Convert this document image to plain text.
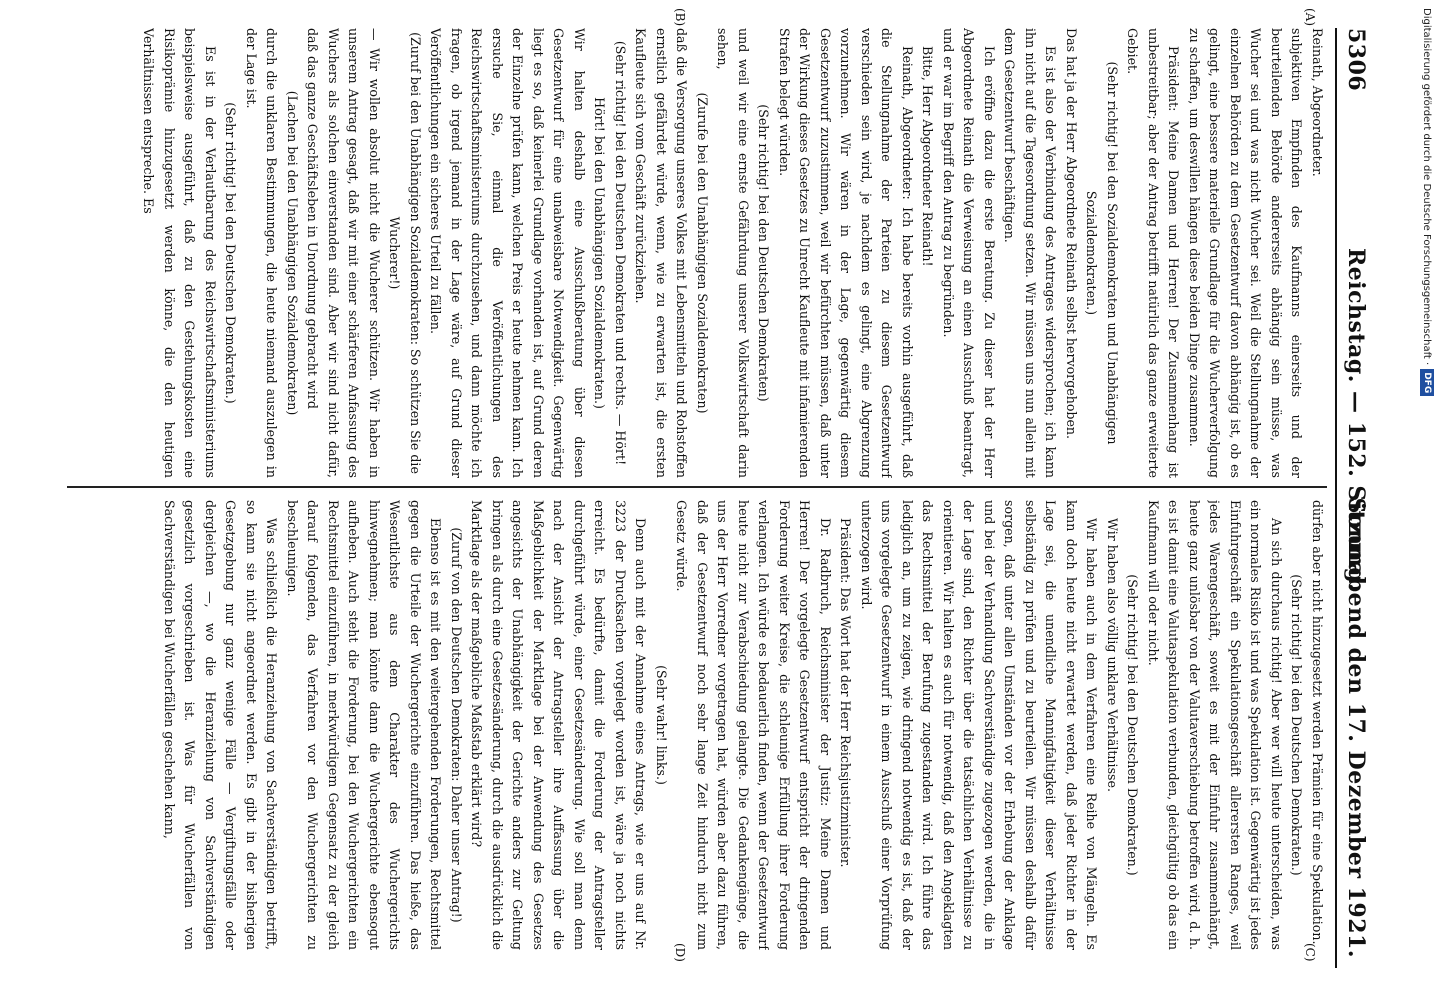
5306
Reichstag. — 152. Sitzung.
Sonnabend den 17. Dezember 1921.

Reinath, Abgeordneter.

subjektiven Empfinden des Kaufmanns einerseits und der beurteilenden Behörde andererseits abhängig sein müsse, was Wucher sei und was nicht Wucher sei. Weil die Stellungnahme der einzelnen Behörden zu dem Gesetzentwurf davon abhängig ist, ob es gelingt, eine bessere materielle Grundlage für die Wucherverfolgung zu schaffen, um deswillen hängen diese beiden Dinge zusammen.

Präsident: Meine Damen und Herren! Der Zusammenhang ist unbestreitbar; aber der Antrag betrifft natürlich das ganze erweiterte Gebiet.

(Sehr richtig! bei den Sozialdemokraten und Unabhängigen Sozialdemokraten.)

Das hat ja der Herr Abgeordnete Reinath selbst hervorgehoben.

Es ist also der Verbindung des Antrages widersprochen; ich kann ihn nicht auf die Tagesordnung setzen. Wir müssen uns nun allein mit dem Gesetzentwurf beschäftigen.

Ich eröffne dazu die erste Beratung. Zu dieser hat der Herr Abgeordnete Reinath die Verweisung an einen Ausschuß beantragt, und er war im Begriff den Antrag zu begründen.

Bitte, Herr Abgeordneter Reinath!

Reinath, Abgeordneter: Ich habe bereits vorhin ausgeführt, daß die Stellungnahme der Parteien zu diesem Gesetzentwurf verschieden sein wird, je nachdem es gelingt, eine Abgrenzung vorzunehmen. Wir wären in der Lage, gegenwärtig diesem Gesetzentwurf zuzustimmen, weil wir befürchten müssen, daß unter der Wirkung dieses Gesetzes zu Unrecht Kaufleute mit infamierenden Strafen belegt würden.

(Sehr richtig! bei den Deutschen Demokraten)

und weil wir eine ernste Gefährdung unserer Volkswirtschaft darin sehen,

(Zurufe bei den Unabhängigen Sozialdemokraten)

daß die Versorgung unseres Volkes mit Lebensmitteln und Rohstoffen ernstlich gefährdet würde, wenn, wie zu erwarten ist, die ersten Kaufleute sich vom Geschäft zurückziehen.

(Sehr richtig! bei den Deutschen Demokraten und rechts. — Hört! Hört! bei den Unabhängigen Sozialdemokraten.)

Wir halten deshalb eine Ausschußberatung über diesen Gesetzentwurf für eine unabweisbare Notwendigkeit. Gegenwärtig liegt es so, daß keinerlei Grundlage vorhanden ist, auf Grund deren der Einzelne prüfen kann, welchen Preis er heute nehmen kann. Ich ersuche Sie, einmal die Veröffentlichungen des Reichswirtschaftsministeriums durchzusehen, und dann möchte ich fragen, ob irgend jemand in der Lage wäre, auf Grund dieser Veröffentlichungen ein sicheres Urteil zu fällen.

(Zuruf bei den Unabhängigen Sozialdemokraten: So schützen Sie die Wucherer!)

— Wir wollen absolut nicht die Wucherer schützen. Wir haben in unserem Antrag gesagt, daß wir mit einer schärferen Anfassung des Wuchers als solchen einverstanden sind. Aber wir sind nicht dafür, daß das ganze Geschäftsleben in Unordnung gebracht wird

(Lachen bei den Unabhängigen Sozialdemokraten)

durch die unklaren Bestimmungen, die heute niemand auszulegen in der Lage ist.

(Sehr richtig! bei den Deutschen Demokraten.)

Es ist in der Verlautbarung des Reichswirtschaftsministeriums beispielsweise ausgeführt, daß zu den Gestehungskosten eine Risikoprämie hinzugesetzt werden könne, die den heutigen Verhältnissen entspreche. Es

dürfen aber nicht hinzugesetzt werden Prämien für eine Spekulation.

(Sehr richtig! bei den Deutschen Demokraten.)

An sich durchaus richtig! Aber wer will heute unterscheiden, was ein normales Risiko ist und was Spekulation ist. Gegenwärtig ist jedes Einfuhrgeschäft ein Spekulationsgeschäft allerersten Ranges, weil jedes Warengeschäft, soweit es mit der Einfuhr zusammenhängt, heute ganz unlösbar von der Valutaverschiebung betroffen wird, d. h. es ist damit eine Valutaspekulation verbunden, gleichgültig ob das ein Kaufmann will oder nicht.

(Sehr richtig! bei den Deutschen Demokraten.)

Wir haben also völlig unklare Verhältnisse.

Wir haben auch in dem Verfahren eine Reihe von Mängeln. Es kann doch heute nicht erwartet werden, daß jeder Richter in der Lage sei, die unendliche Mannigfaltigkeit dieser Verhältnisse selbständig zu prüfen und zu beurteilen. Wir müssen deshalb dafür sorgen, daß unter allen Umständen vor der Erhebung der Anklage und bei der Verhandlung Sachverständige zugezogen werden, die in der Lage sind, den Richter über die tatsächlichen Verhältnisse zu orientieren. Wir halten es auch für notwendig, daß den Angeklagten das Rechtsmittel der Berufung zugestanden wird. Ich führe das lediglich an, um zu zeigen, wie dringend notwendig es ist, daß der uns vorgelegte Gesetzentwurf in einem Ausschuß einer Vorprüfung unterzogen wird.

Präsident: Das Wort hat der Herr Reichsjustizminister.

Dr. Radbruch, Reichsminister der Justiz: Meine Damen und Herren! Der vorgelegte Gesetzentwurf entspricht der dringenden Forderung weiter Kreise, die schleunige Erfüllung ihrer Forderung verlangen. Ich würde es bedauerlich finden, wenn der Gesetzentwurf heute nicht zur Verabschiedung gelangte. Die Gedankengänge, die uns der Herr Vorredner vorgetragen hat, würden aber dazu führen, daß der Gesetzentwurf noch sehr lange Zeit hindurch nicht zum Gesetz würde.

(Sehr wahr! links.)

Denn auch mit der Annahme eines Antrags, wie er uns auf Nr. 3223 der Drucksachen vorgelegt worden ist, wäre ja noch nichts erreicht. Es bedürfte, damit die Forderung der Antragsteller durchgeführt würde, einer Gesetzesänderung. Wie soll man denn nach der Ansicht der Antragsteller ihre Auffassung über die Maßgeblichkeit der Marktlage bei der Anwendung des Gesetzes angesichts der Unabhängigkeit der Gerichte anders zur Geltung bringen als durch eine Gesetzesänderung, durch die ausdrücklich die Marktlage als der maßgebliche Maßstab erklärt wird?

(Zuruf von den Deutschen Demokraten: Daher unser Antrag!)

Ebenso ist es mit den weitergehenden Forderungen, Rechtsmittel gegen die Urteile der Wuchergerichte einzuführen. Das hieße, das Wesentlichste aus dem Charakter des Wuchergerichts hinwegnehmen; man könnte dann die Wuchergerichte ebensogut aufheben. Auch steht die Forderung, bei den Wuchergerichten ein Rechtsmittel einzuführen, in merkwürdigem Gegensatz zu der gleich darauf folgenden, das Verfahren vor den Wuchergerichten zu beschleunigen.

Was schließlich die Heranziehung von Sachverständigen betrifft, so kann sie nicht angeordnet werden. Es gibt in der bisherigen Gesetzgebung nur ganz wenige Fälle — Vergiftungsfälle oder dergleichen —, wo die Heranziehung von Sachverständigen gesetzlich vorgeschrieben ist. Was für Wucherfällen von Sachverständigen bei Wucherfällen geschehen kann,

(A)
(B)
(C)
(D)
Digitalisierung gefördert durch die Deutsche Forschungsgemeinschaft ·
DFG
